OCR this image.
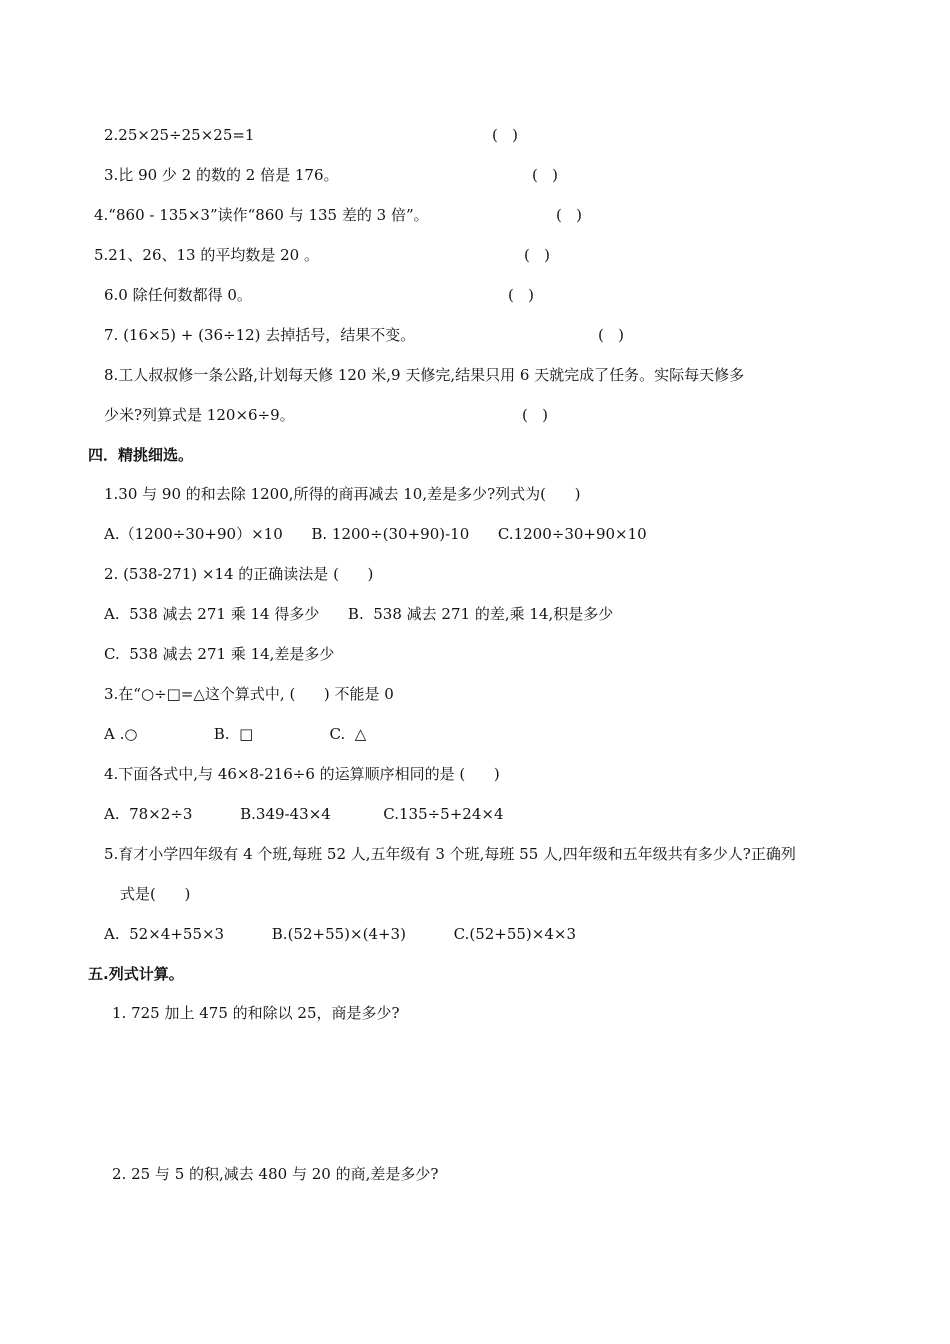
2.25×25÷25×25=1	(   )
3.比 90 少 2 的数的 2 倍是 176。	(   )
4.“860 - 135×3”读作“860 与 135 差的 3 倍”。	(   )
5.21、26、13 的平均数是 20 。	(   )
6.0 除任何数都得 0。	(   )
7. (16×5) + (36÷12) 去掉括号，结果不变。	(   )
8.工人叔叔修一条公路,计划每天修 120 米,9 天修完,结果只用 6 天就完成了任务。实际每天修多
少米?列算式是 120×6÷9。	(   )
四．精挑细选。
1.30 与 90 的和去除 1200,所得的商再减去 10,差是多少?列式为(      )
A.（1200÷30+90）×10      B. 1200÷(30+90)-10      C.1200÷30+90×10
2. (538-271) ×14 的正确读法是 (      )
A.  538 减去 271 乘 14 得多少      B.  538 减去 271 的差,乘 14,积是多少
C.  538 减去 271 乘 14,差是多少
3.在“○÷□=△这个算式中, (      ) 不能是 0
A .○                B.  □                C.  △
4.下面各式中,与 46×8-216÷6 的运算顺序相同的是 (      )
A.  78×2÷3          B.349-43×4           C.135÷5+24×4
5.育才小学四年级有 4 个班,每班 52 人,五年级有 3 个班,每班 55 人,四年级和五年级共有多少人?正确列
式是(      )
A.  52×4+55×3          B.(52+55)×(4+3)          C.(52+55)×4×3
五.列式计算。
1. 725 加上 475 的和除以 25，商是多少?
2. 25 与 5 的积,减去 480 与 20 的商,差是多少?
